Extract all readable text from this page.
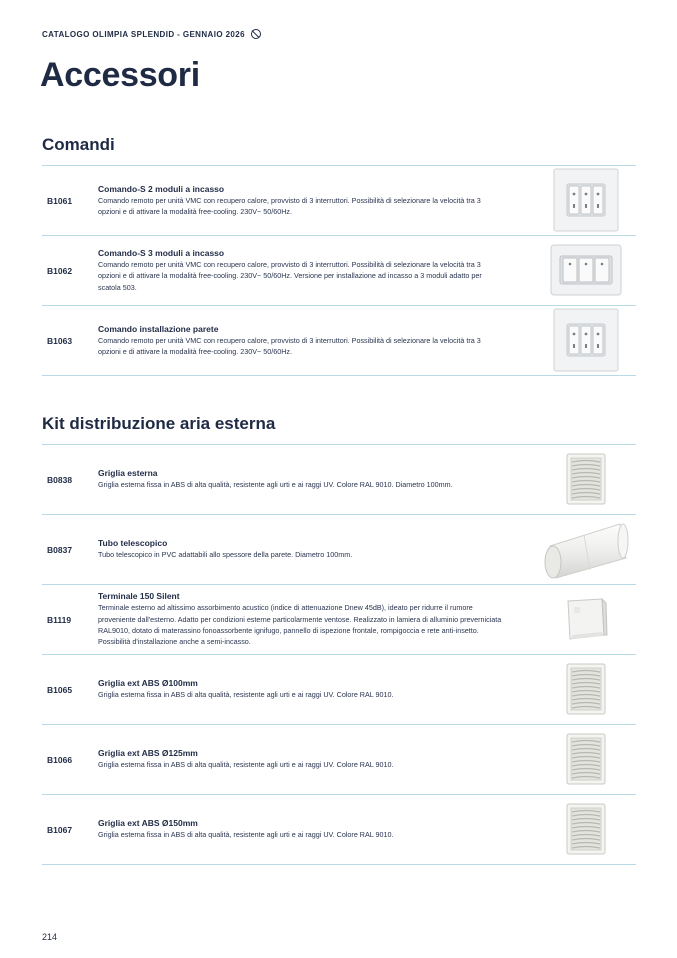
CATALOGO OLIMPIA SPLENDID - GENNAIO 2026
Accessori
Comandi
B1061
Comando-S 2 moduli a incasso
Comando remoto per unità VMC con recupero calore, provvisto di 3 interruttori. Possibilità di selezionare la velocità tra 3 opzioni e di attivare la modalità free-cooling. 230V~ 50/60Hz.
B1062
Comando-S 3 moduli a incasso
Comando remoto per unità VMC con recupero calore, provvisto di 3 interruttori. Possibilità di selezionare la velocità tra 3 opzioni e di attivare la modalità free-cooling. 230V~ 50/60Hz. Versione per installazione ad incasso a 3 moduli adatto per scatola 503.
B1063
Comando installazione parete
Comando remoto per unità VMC con recupero calore, provvisto di 3 interruttori. Possibilità di selezionare la velocità tra 3 opzioni e di attivare la modalità free-cooling. 230V~ 50/60Hz.
Kit distribuzione aria esterna
B0838
Griglia esterna
Griglia esterna fissa in ABS di alta qualità, resistente agli urti e ai raggi UV. Colore RAL 9010. Diametro 100mm.
B0837
Tubo telescopico
Tubo telescopico in PVC adattabili allo spessore della parete. Diametro 100mm.
B1119
Terminale 150 Silent
Terminale esterno ad altissimo assorbimento acustico (indice di attenuazione Dnew 45dB), ideato per ridurre il rumore proveniente dall'esterno. Adatto per condizioni esterne particolarmente ventose. Realizzato in lamiera di alluminio preverniciata RAL9010, dotato di materassino fonoassorbente ignifugo, pannello di ispezione frontale, rompigoccia e rete anti-insetto. Possibilità d'installazione anche a semi-incasso.
B1065
Griglia ext ABS Ø100mm
Griglia esterna fissa in ABS di alta qualità, resistente agli urti e ai raggi UV. Colore RAL 9010.
B1066
Griglia ext ABS Ø125mm
Griglia esterna fissa in ABS di alta qualità, resistente agli urti e ai raggi UV. Colore RAL 9010.
B1067
Griglia ext ABS Ø150mm
Griglia esterna fissa in ABS di alta qualità, resistente agli urti e ai raggi UV. Colore RAL 9010.
214
